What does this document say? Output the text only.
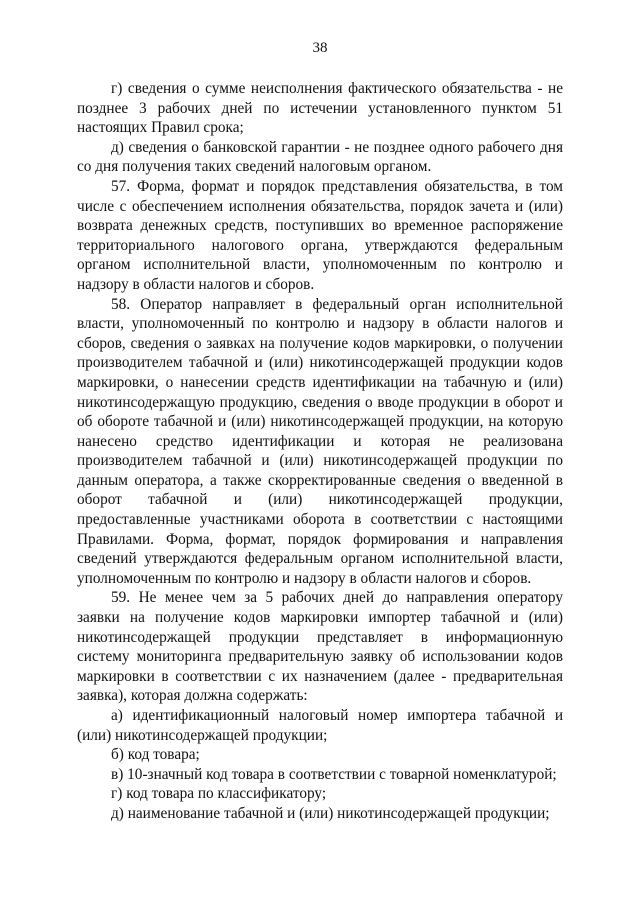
38

г) сведения о сумме неисполнения фактического обязательства - не позднее 3 рабочих дней по истечении установленного пунктом 51 настоящих Правил срока;

д) сведения о банковской гарантии - не позднее одного рабочего дня со дня получения таких сведений налоговым органом.

57. Форма, формат и порядок представления обязательства, в том числе с обеспечением исполнения обязательства, порядок зачета и (или) возврата денежных средств, поступивших во временное распоряжение территориального налогового органа, утверждаются федеральным органом исполнительной власти, уполномоченным по контролю и надзору в области налогов и сборов.

58. Оператор направляет в федеральный орган исполнительной власти, уполномоченный по контролю и надзору в области налогов и сборов, сведения о заявках на получение кодов маркировки, о получении производителем табачной и (или) никотинсодержащей продукции кодов маркировки, о нанесении средств идентификации на табачную и (или) никотинсодержащую продукцию, сведения о вводе продукции в оборот и об обороте табачной и (или) никотинсодержащей продукции, на которую нанесено средство идентификации и которая не реализована производителем табачной и (или) никотинсодержащей продукции по данным оператора, а также скорректированные сведения о введенной в оборот табачной и (или) никотинсодержащей продукции, предоставленные участниками оборота в соответствии с настоящими Правилами. Форма, формат, порядок формирования и направления сведений утверждаются федеральным органом исполнительной власти, уполномоченным по контролю и надзору в области налогов и сборов.

59. Не менее чем за 5 рабочих дней до направления оператору заявки на получение кодов маркировки импортер табачной и (или) никотинсодержащей продукции представляет в информационную систему мониторинга предварительную заявку об использовании кодов маркировки в соответствии с их назначением (далее - предварительная заявка), которая должна содержать:

а) идентификационный налоговый номер импортера табачной и (или) никотинсодержащей продукции;

б) код товара;

в) 10-значный код товара в соответствии с товарной номенклатурой;

г) код товара по классификатору;

д) наименование табачной и (или) никотинсодержащей продукции;
